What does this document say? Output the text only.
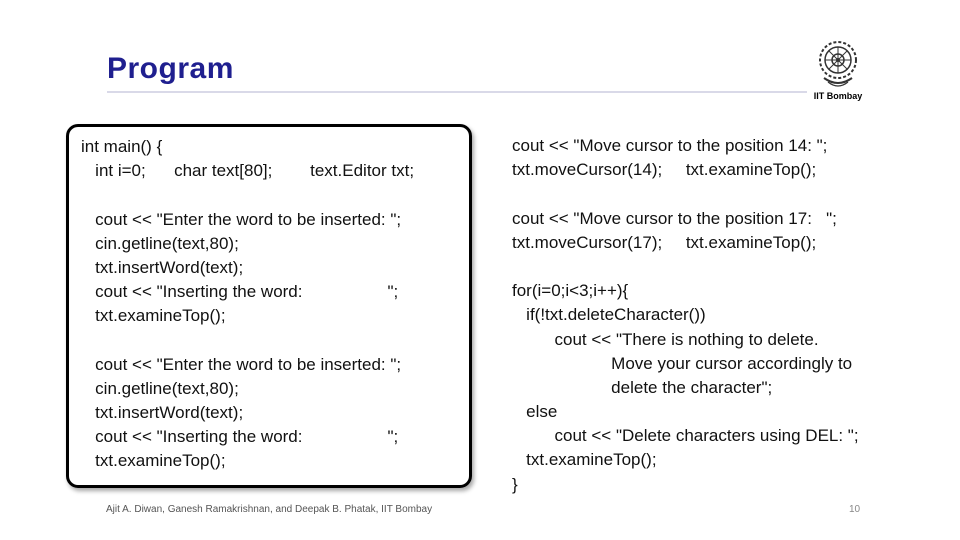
Program
IIT Bombay
int main() {
int i=0;      char text[80];        text.Editor txt;
cout << "Enter the word to be inserted: ";
cin.getline(text,80);
txt.insertWord(text);
cout << "Inserting the word:                  ";
txt.examineTop();
cout << "Enter the word to be inserted: ";
cin.getline(text,80);
txt.insertWord(text);
cout << "Inserting the word:                  ";
txt.examineTop();
cout << "Move cursor to the position 14: ";
txt.moveCursor(14);     txt.examineTop();
cout << "Move cursor to the position 17:   ";
txt.moveCursor(17);     txt.examineTop();
for(i=0;i<3;i++){
if(!txt.deleteCharacter())
cout << "There is nothing to delete.
Move your cursor accordingly to
delete the character";
else
cout << "Delete characters using DEL: ";
txt.examineTop();
}
Ajit A. Diwan, Ganesh Ramakrishnan, and Deepak B. Phatak, IIT Bombay	10
